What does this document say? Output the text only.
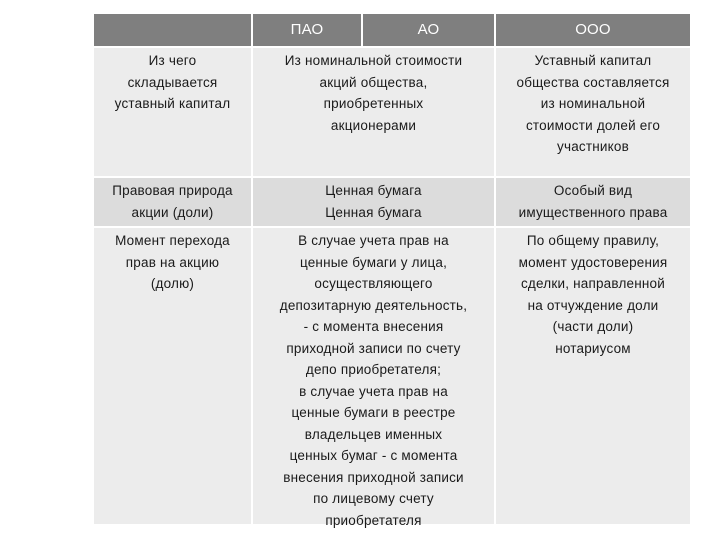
ПАО	АО	ООО
Из чего
складывается
уставный капитал
Из номинальной стоимости
акций общества,
приобретенных
акционерами
Уставный капитал
общества составляется
из номинальной
стоимости долей его
участников
Правовая природа
акции (доли)
Ценная бумага
Ценная бумага
Особый вид
имущественного права
Момент перехода
прав на акцию
(долю)
В случае учета прав на
ценные бумаги у лица,
осуществляющего
депозитарную деятельность,
- с момента внесения
приходной записи по счету
депо приобретателя;
в случае учета прав на
ценные бумаги в реестре
владельцев именных
ценных бумаг - с момента
внесения приходной записи
по лицевому счету
приобретателя
По общему правилу,
момент удостоверения
сделки, направленной
на отчуждение доли
(части доли)
нотариусом
